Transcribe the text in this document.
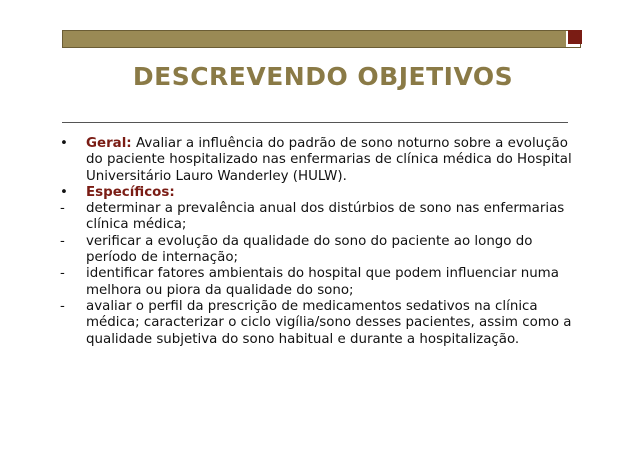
DESCREVENDO OBJETIVOS

• Geral: Avaliar a influência do padrão de sono noturno sobre a evolução do paciente hospitalizado nas enfermarias de clínica médica do Hospital Universitário Lauro Wanderley (HULW).

• Específicos:

- determinar a prevalência anual dos distúrbios de sono nas enfermarias clínica médica;

- verificar a evolução da qualidade do sono do paciente ao longo do período de internação;

- identificar fatores ambientais do hospital que podem influenciar numa melhora ou piora da qualidade do sono;

- avaliar o perfil da prescrição de medicamentos sedativos na clínica médica; caracterizar o ciclo vigília/sono desses pacientes, assim como a qualidade subjetiva do sono habitual e durante a hospitalização.
